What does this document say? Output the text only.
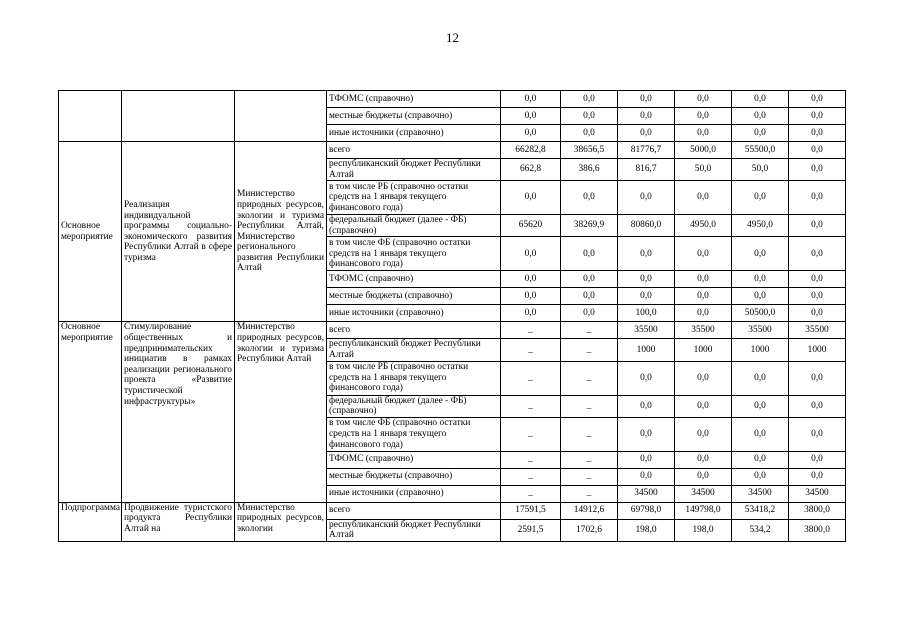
12
			ТФОМС (справочно)	0,0	0,0	0,0	0,0	0,0	0,0
			местные бюджеты (справочно)	0,0	0,0	0,0	0,0	0,0	0,0
			иные источники (справочно)	0,0	0,0	0,0	0,0	0,0	0,0
Основное мероприятие	Реализация индивидуальной программы социально-экономического развития Республики Алтай в сфере туризма	Министерство природных ресурсов, экологии и туризма Республики Алтай, Министерство регионального развития Республики Алтай	всего	66282,8	38656,5	81776,7	5000,0	55500,0	0,0
			республиканский бюджет Республики Алтай	662,8	386,6	816,7	50,0	50,0	0,0
			в том числе РБ (справочно остатки средств на 1 января текущего финансового года)	0,0	0,0	0,0	0,0	0,0	0,0
			федеральный бюджет (далее - ФБ) (справочно)	65620	38269,9	80860,0	4950,0	4950,0	0,0
			в том числе ФБ (справочно остатки средств на 1 января текущего финансового года)	0,0	0,0	0,0	0,0	0,0	0,0
			ТФОМС (справочно)	0,0	0,0	0,0	0,0	0,0	0,0
			местные бюджеты (справочно)	0,0	0,0	0,0	0,0	0,0	0,0
			иные источники (справочно)	0,0	0,0	100,0	0,0	50500,0	0,0
Основное мероприятие	Стимулирование общественных и предпринимательских инициатив в рамках реализации регионального проекта «Развитие туристической инфраструктуры»	Министерство природных ресурсов, экологии и туризма Республики Алтай	всего	_	_	35500	35500	35500	35500
			республиканский бюджет Республики Алтай	_	_	1000	1000	1000	1000
			в том числе РБ (справочно остатки средств на 1 января текущего финансового года)	_	_	0,0	0,0	0,0	0,0
			федеральный бюджет (далее - ФБ) (справочно)	_	_	0,0	0,0	0,0	0,0
			в том числе ФБ (справочно остатки средств на 1 января текущего финансового года)	_	_	0,0	0,0	0,0	0,0
			ТФОМС (справочно)	_	_	0,0	0,0	0,0	0,0
			местные бюджеты (справочно)	_	_	0,0	0,0	0,0	0,0
			иные источники (справочно)	_	_	34500	34500	34500	34500
Подпрограмма	Продвижение туристского продукта Республики Алтай на	Министерство природных ресурсов, экологии	всего	17591,5	14912,6	69798,0	149798,0	53418,2	3800,0
			республиканский бюджет Республики Алтай	2591,5	1702,6	198,0	198,0	534,2	3800,0
